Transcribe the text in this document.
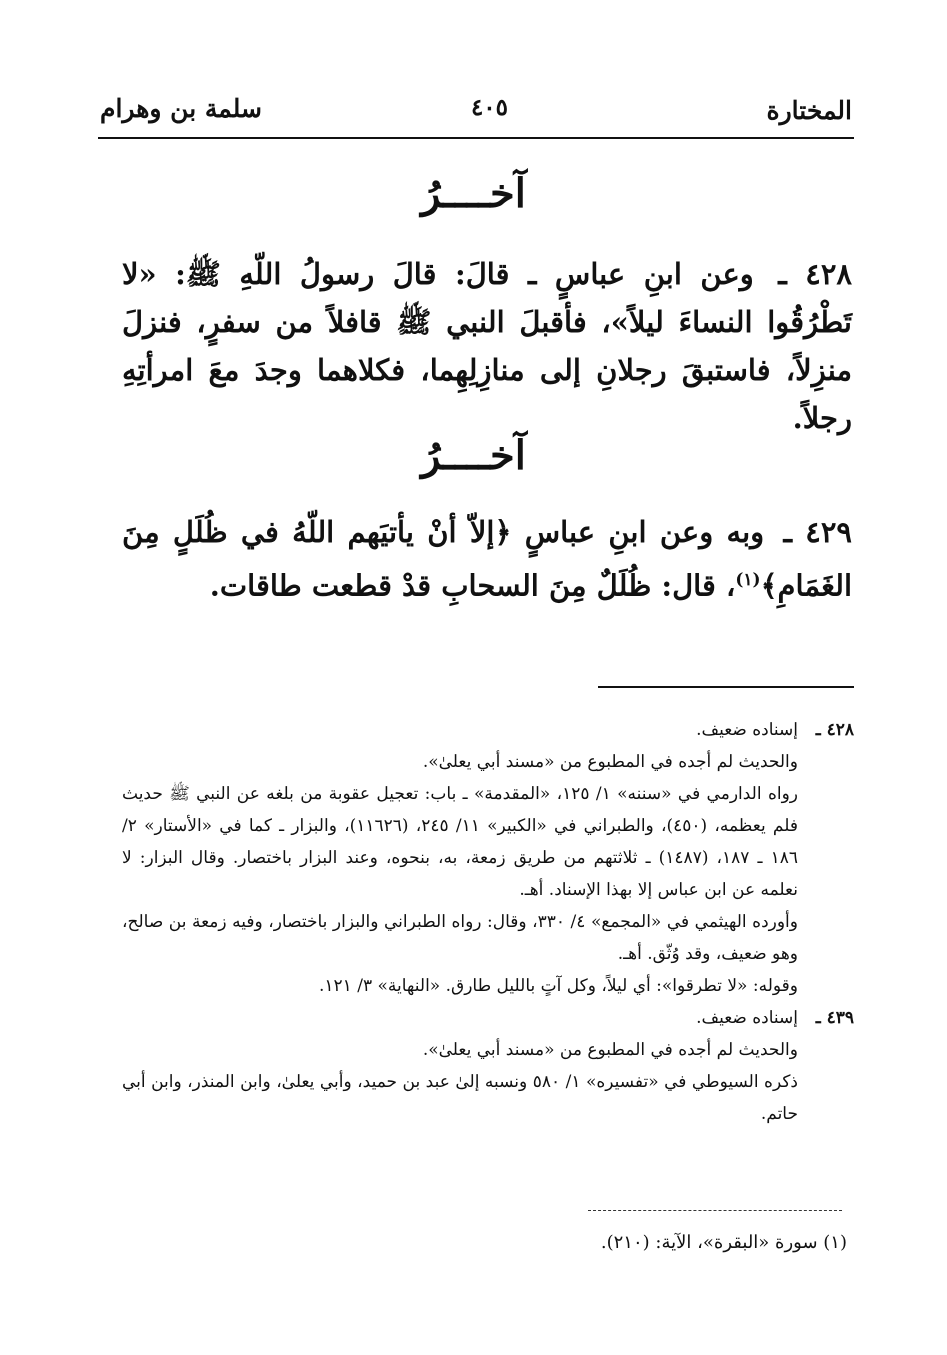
المختارة
٤٠٥
سلمة بن وهرام
آخــــرُ
٤٢٨ ـ وعن ابنِ عباسٍ ـ قالَ: قالَ رسولُ اللّهِ ﷺ: «لا تَطْرُقُوا النساءَ ليلاً»، فأقبلَ النبي ﷺ قافلاً من سفرٍ، فنزلَ منزِلاً، فاستبقَ رجلانِ إلى منازِلِهِما، فكلاهما وجدَ معَ امرأتِهِ رجلاً.
آخــــرُ
٤٢٩ ـ وبه وعن ابنِ عباسٍ ﴿إلاّ أنْ يأتيَهم اللّهُ في ظُلَلٍ مِنَ الغَمَامِ﴾$^{(١)}$، قال: ظُلَلٌ مِنَ السحابِ قدْ قطعت طاقات.
٤٢٨ ـ

إسناده ضعيف.

والحديث لم أجده في المطبوع من «مسند أبي يعلىٰ».

رواه الدارمي في «سننه» ١/ ١٢٥، «المقدمة» ـ باب: تعجيل عقوبة من بلغه عن النبي ﷺ حديث فلم يعظمه، (٤٥٠)، والطبراني في «الكبير» ١١/ ٢٤٥، (١١٦٢٦)، والبزار ـ كما في «الأستار» ٢/ ١٨٦ ـ ١٨٧، (١٤٨٧) ـ ثلاثتهم من طريق زمعة، به، بنحوه، وعند البزار باختصار. وقال البزار: لا نعلمه عن ابن عباس إلا بهذا الإسناد. أهـ.

وأورده الهيثمي في «المجمع» ٤/ ٣٣٠، وقال: رواه الطبراني والبزار باختصار، وفيه زمعة بن صالح، وهو ضعيف، وقد وُثّق. أهـ.

وقوله: «لا تطرقوا»: أي ليلاً، وكل آتٍ بالليل طارق. «النهاية» ٣/ ١٢١.

٤٣٩ ـ

إسناده ضعيف.

والحديث لم أجده في المطبوع من «مسند أبي يعلىٰ».

ذكره السيوطي في «تفسيره» ١/ ٥٨٠ ونسبه إلىٰ عبد بن حميد، وأبي يعلىٰ، وابن المنذر، وابن أبي حاتم.

(١) سورة «البقرة»، الآية: (٢١٠).
